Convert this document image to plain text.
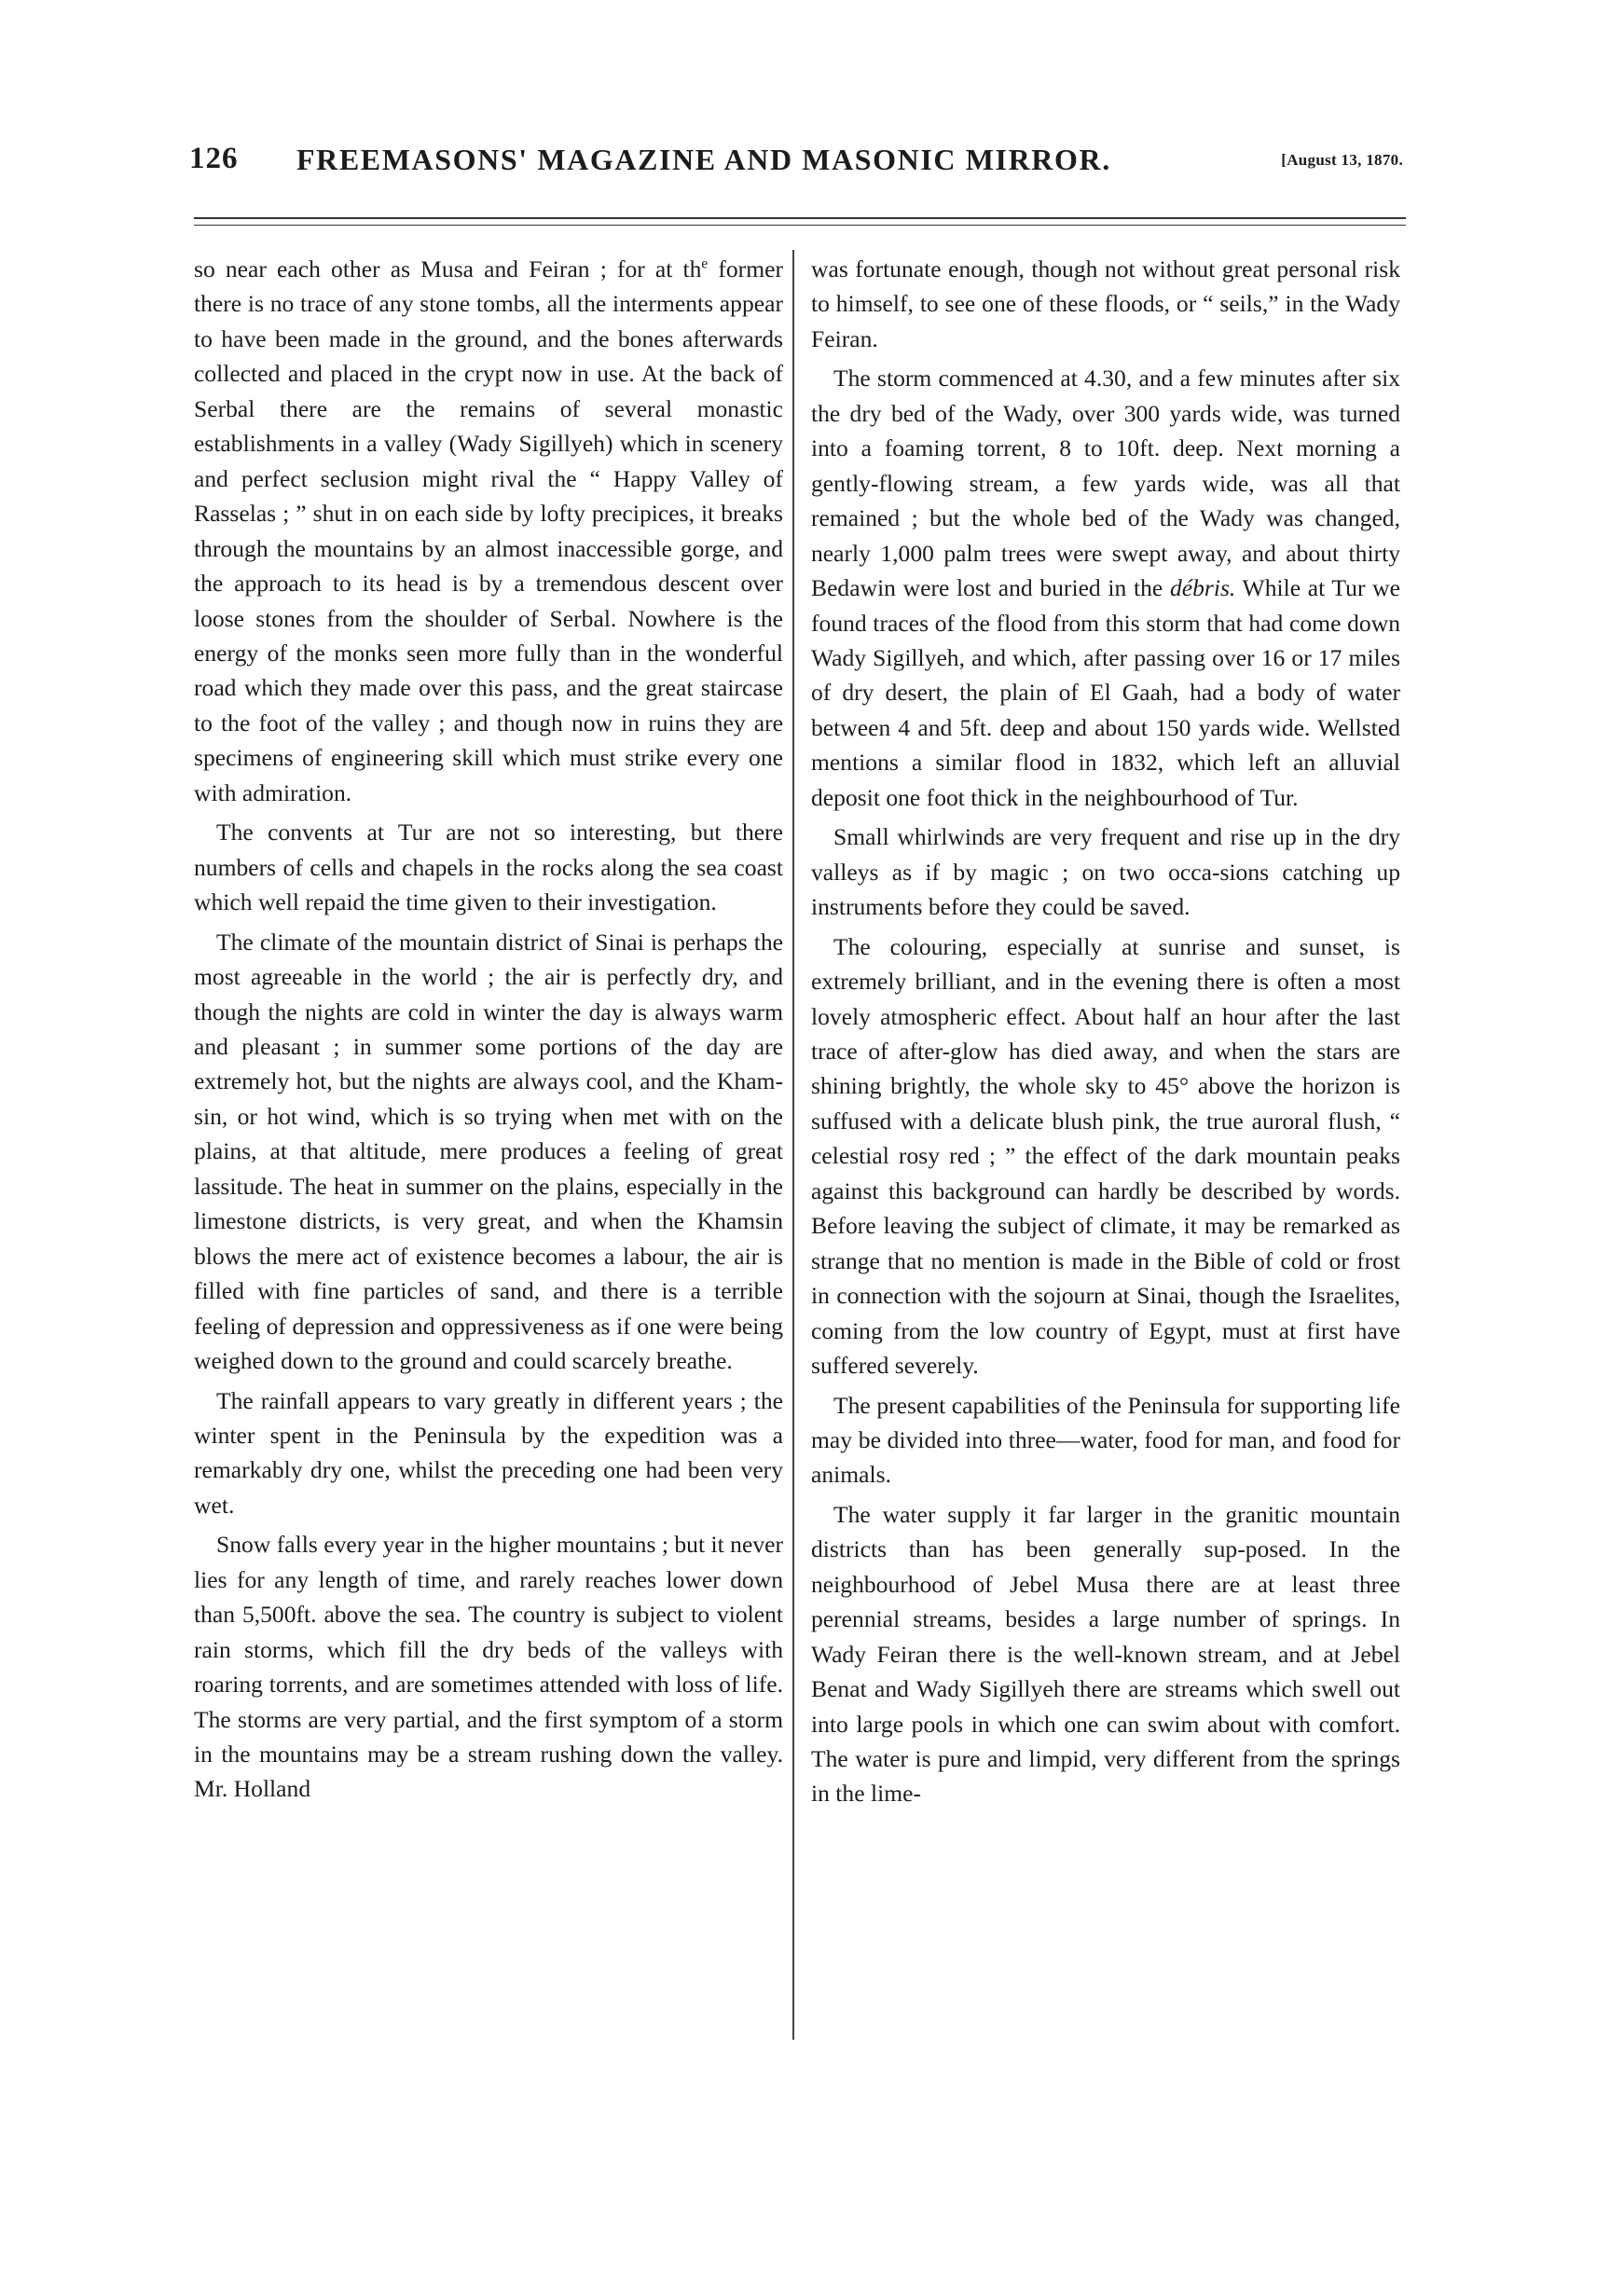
126 FREEMASONS' MAGAZINE AND MASONIC MIRROR.	[August 13, 1870.

so near each other as Musa and Feiran ; for at $th^e$ former there is no trace of any stone tombs, all the interments appear to have been made in the ground, and the bones afterwards collected and placed in the crypt now in use. At the back of Serbal there are the remains of several monastic establishments in a valley (Wady Sigillyeh) which in scenery and perfect seclusion might rival the “ Happy Valley of Rasselas ; ” shut in on each side by lofty precipices, it breaks through the mountains by an almost inaccessible gorge, and the approach to its head is by a tremendous descent over loose stones from the shoulder of Serbal. Nowhere is the energy of the monks seen more fully than in the wonderful road which they made over this pass, and the great staircase to the foot of the valley ; and though now in ruins they are specimens of engineering skill which must strike every one with admiration.

The convents at Tur are not so interesting, but there numbers of cells and chapels in the rocks along the sea coast which well repaid the time given to their investigation.

The climate of the mountain district of Sinai is perhaps the most agreeable in the world ; the air is perfectly dry, and though the nights are cold in winter the day is always warm and pleasant ; in summer some portions of the day are extremely hot, but the nights are always cool, and the Kham-sin, or hot wind, which is so trying when met with on the plains, at that altitude, mere produces a feeling of great lassitude. The heat in summer on the plains, especially in the limestone districts, is very great, and when the Khamsin blows the mere act of existence becomes a labour, the air is filled with fine particles of sand, and there is a terrible feeling of depression and oppressiveness as if one were being weighed down to the ground and could scarcely breathe.

The rainfall appears to vary greatly in different years ; the winter spent in the Peninsula by the expedition was a remarkably dry one, whilst the preceding one had been very wet.

Snow falls every year in the higher mountains ; but it never lies for any length of time, and rarely reaches lower down than 5,500ft. above the sea. The country is subject to violent rain storms, which fill the dry beds of the valleys with roaring torrents, and are sometimes attended with loss of life. The storms are very partial, and the first symptom of a storm in the mountains may be a stream rushing down the valley. Mr. Holland

was fortunate enough, though not without great personal risk to himself, to see one of these floods, or “ seils,” in the Wady Feiran.

The storm commenced at 4.30, and a few minutes after six the dry bed of the Wady, over 300 yards wide, was turned into a foaming torrent, 8 to 10ft. deep. Next morning a gently-flowing stream, a few yards wide, was all that remained ; but the whole bed of the Wady was changed, nearly 1,000 palm trees were swept away, and about thirty Bedawin were lost and buried in the débris. While at Tur we found traces of the flood from this storm that had come down Wady Sigillyeh, and which, after passing over 16 or 17 miles of dry desert, the plain of El Gaah, had a body of water between 4 and 5ft. deep and about 150 yards wide. Wellsted mentions a similar flood in 1832, which left an alluvial deposit one foot thick in the neighbourhood of Tur.

Small whirlwinds are very frequent and rise up in the dry valleys as if by magic ; on two occa-sions catching up instruments before they could be saved.

The colouring, especially at sunrise and sunset, is extremely brilliant, and in the evening there is often a most lovely atmospheric effect. About half an hour after the last trace of after-glow has died away, and when the stars are shining brightly, the whole sky to 45° above the horizon is suffused with a delicate blush pink, the true auroral flush, “ celestial rosy red ; ” the effect of the dark mountain peaks against this background can hardly be described by words. Before leaving the subject of climate, it may be remarked as strange that no mention is made in the Bible of cold or frost in connection with the sojourn at Sinai, though the Israelites, coming from the low country of Egypt, must at first have suffered severely.

The present capabilities of the Peninsula for supporting life may be divided into three—water, food for man, and food for animals.

The water supply it far larger in the granitic mountain districts than has been generally sup-posed. In the neighbourhood of Jebel Musa there are at least three perennial streams, besides a large number of springs. In Wady Feiran there is the well-known stream, and at Jebel Benat and Wady Sigillyeh there are streams which swell out into large pools in which one can swim about with comfort. The water is pure and limpid, very different from the springs in the lime-
